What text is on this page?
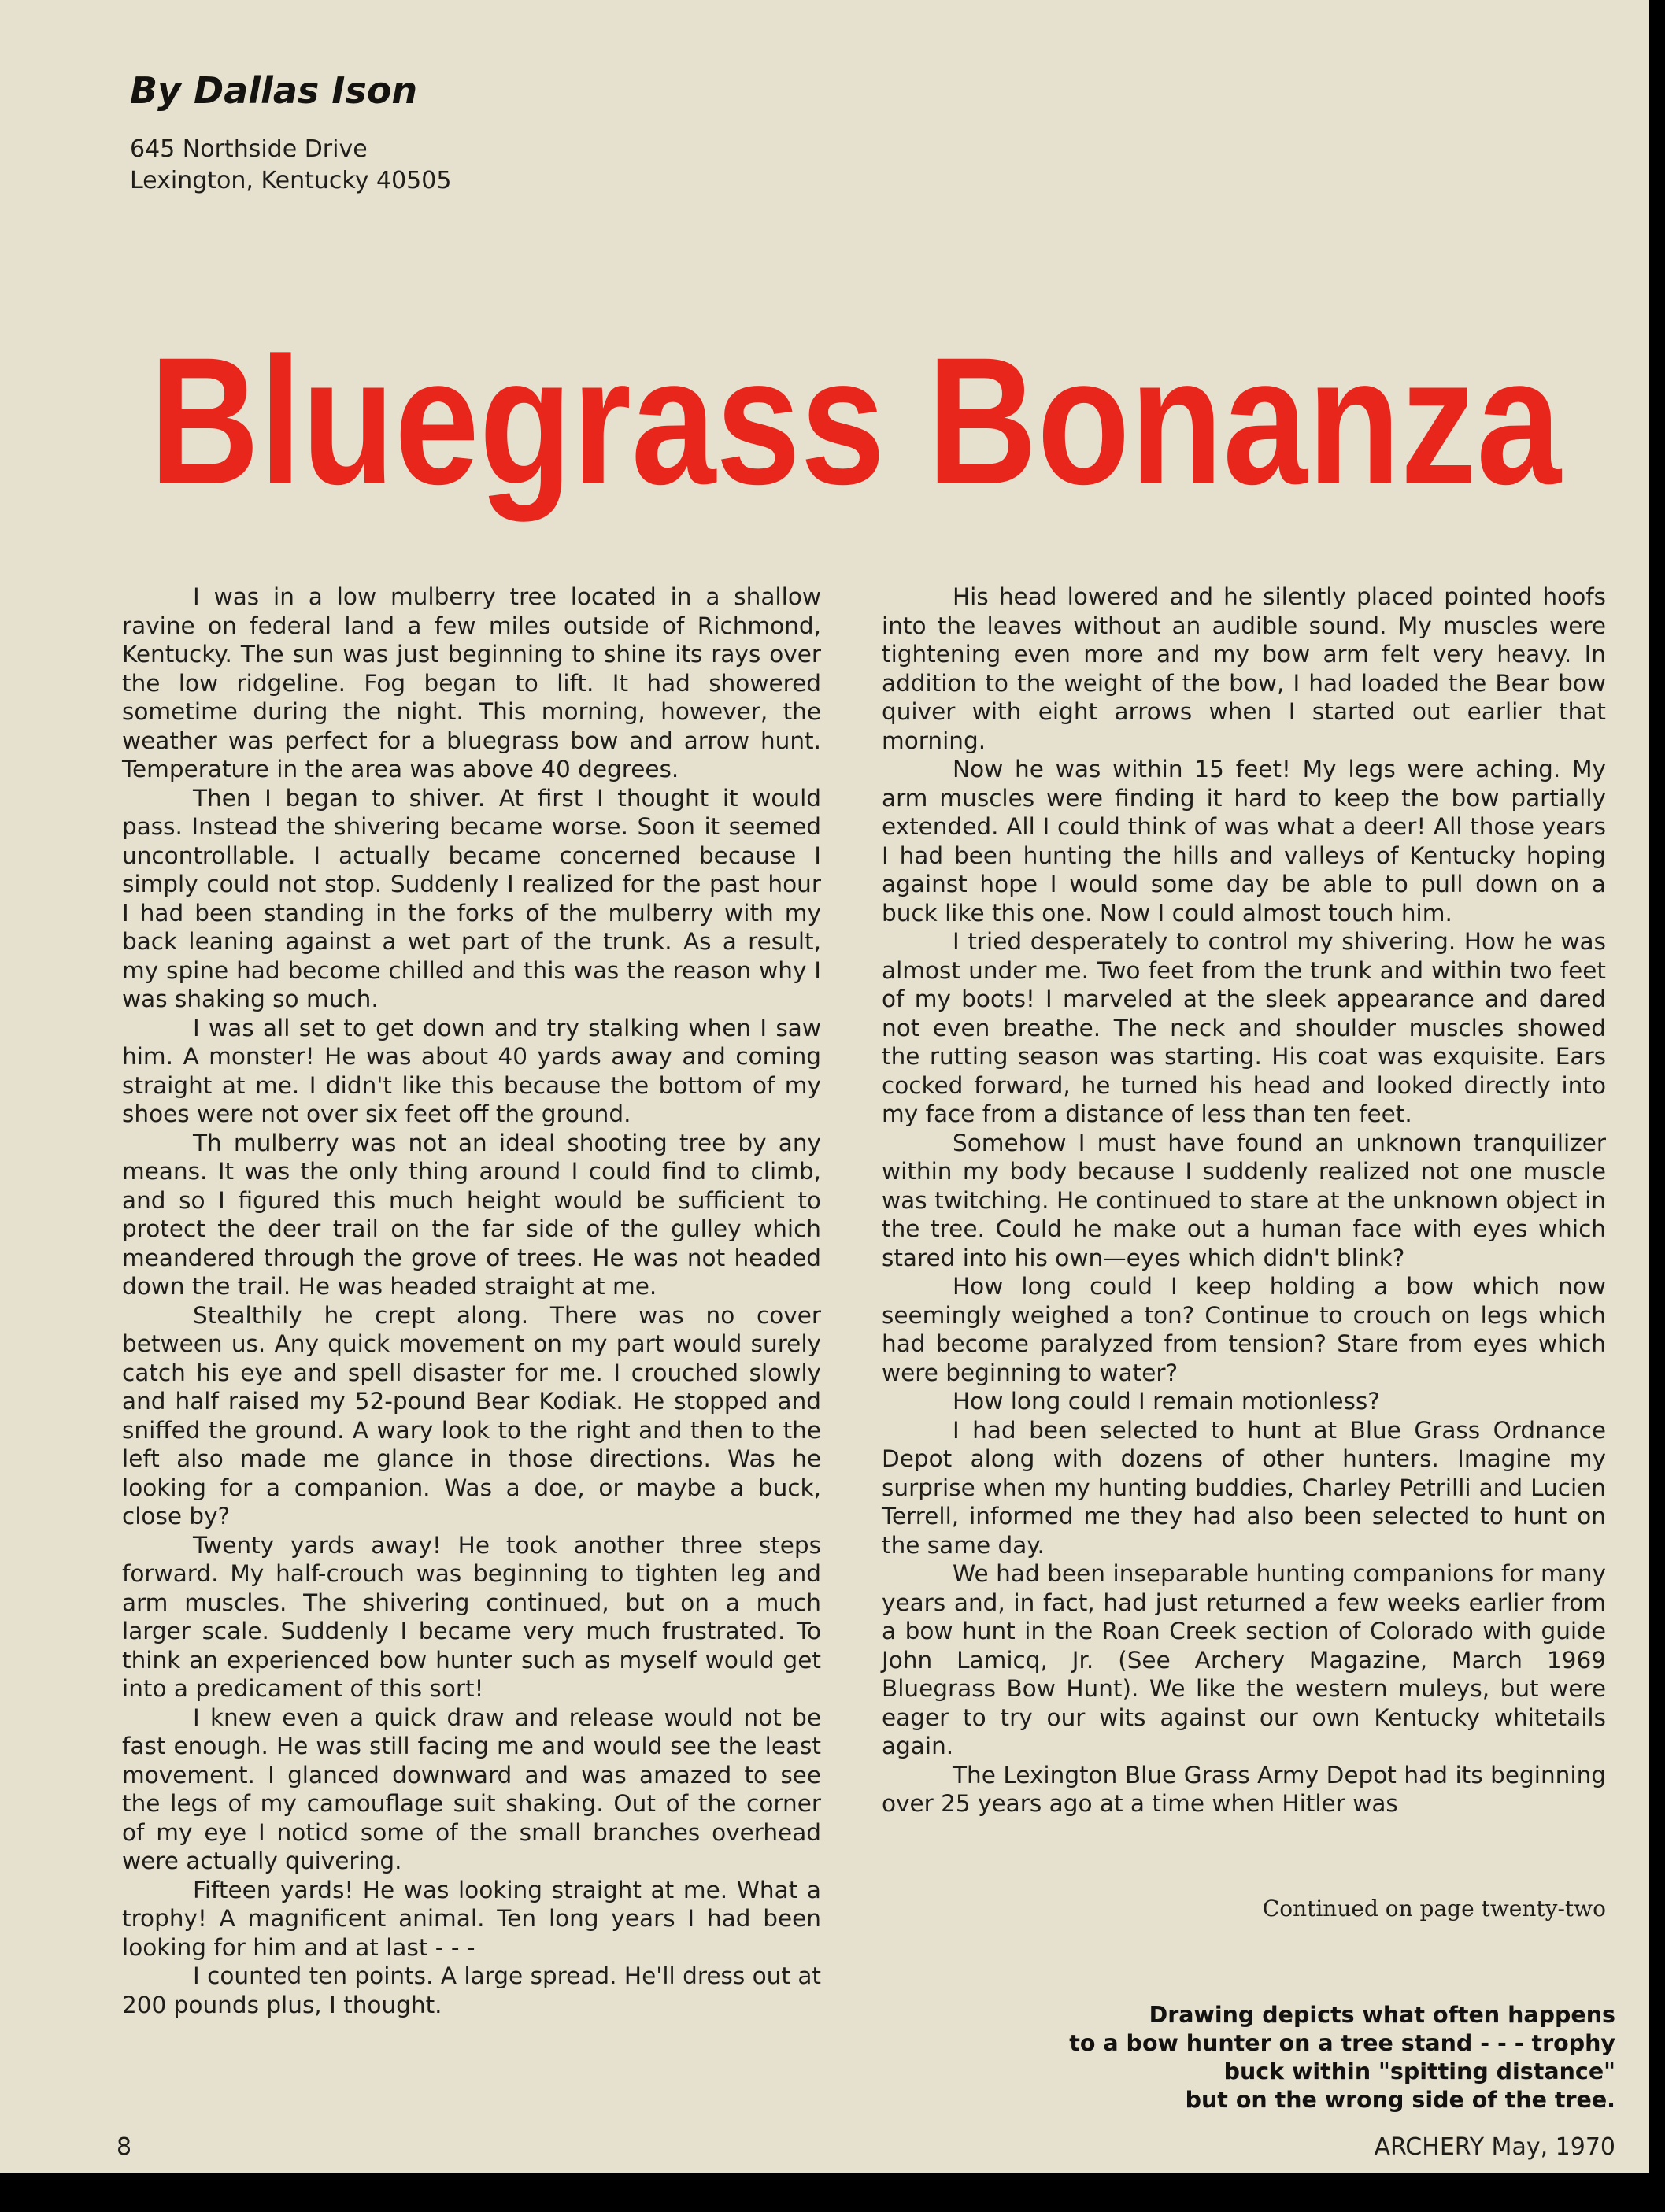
By Dallas Ison
645 Northside Drive
Lexington, Kentucky 40505
Bluegrass Bonanza

I was in a low mulberry tree located in a shallow ravine on federal land a few miles outside of Richmond, Kentucky. The sun was just beginning to shine its rays over the low ridgeline. Fog began to lift. It had showered sometime during the night. This morning, however, the weather was perfect for a bluegrass bow and arrow hunt. Temperature in the area was above 40 degrees.

Then I began to shiver. At first I thought it would pass. Instead the shivering became worse. Soon it seemed uncontrollable. I actually became concerned because I simply could not stop. Suddenly I realized for the past hour I had been standing in the forks of the mulberry with my back leaning against a wet part of the trunk. As a result, my spine had become chilled and this was the reason why I was shaking so much.

I was all set to get down and try stalking when I saw him. A monster! He was about 40 yards away and coming straight at me. I didn't like this because the bottom of my shoes were not over six feet off the ground.

Th mulberry was not an ideal shooting tree by any means. It was the only thing around I could find to climb, and so I figured this much height would be sufficient to protect the deer trail on the far side of the gulley which meandered through the grove of trees. He was not headed down the trail. He was headed straight at me.

Stealthily he crept along. There was no cover between us. Any quick movement on my part would surely catch his eye and spell disaster for me. I crouched slowly and half raised my 52-pound Bear Kodiak. He stopped and sniffed the ground. A wary look to the right and then to the left also made me glance in those directions. Was he looking for a companion. Was a doe, or maybe a buck, close by?

Twenty yards away! He took another three steps forward. My half-crouch was beginning to tighten leg and arm muscles. The shivering continued, but on a much larger scale. Suddenly I became very much frustrated. To think an experienced bow hunter such as myself would get into a predicament of this sort!

I knew even a quick draw and release would not be fast enough. He was still facing me and would see the least movement. I glanced downward and was amazed to see the legs of my camouflage suit shaking. Out of the corner of my eye I noticd some of the small branches overhead were actually quivering.

Fifteen yards! He was looking straight at me. What a trophy! A magnificent animal. Ten long years I had been looking for him and at last - - -

I counted ten points. A large spread. He'll dress out at 200 pounds plus, I thought.

His head lowered and he silently placed pointed hoofs into the leaves without an audible sound. My muscles were tightening even more and my bow arm felt very heavy. In addition to the weight of the bow, I had loaded the Bear bow quiver with eight arrows when I started out earlier that morning.

Now he was within 15 feet! My legs were aching. My arm muscles were finding it hard to keep the bow partially extended. All I could think of was what a deer! All those years I had been hunting the hills and valleys of Kentucky hoping against hope I would some day be able to pull down on a buck like this one. Now I could almost touch him.

I tried desperately to control my shivering. How he was almost under me. Two feet from the trunk and within two feet of my boots! I marveled at the sleek appearance and dared not even breathe. The neck and shoulder muscles showed the rutting season was starting. His coat was exquisite. Ears cocked forward, he turned his head and looked directly into my face from a distance of less than ten feet.

Somehow I must have found an unknown tranquilizer within my body because I suddenly realized not one muscle was twitching. He continued to stare at the unknown object in the tree. Could he make out a human face with eyes which stared into his own—eyes which didn't blink?

How long could I keep holding a bow which now seemingly weighed a ton? Continue to crouch on legs which had become paralyzed from tension? Stare from eyes which were beginning to water?

How long could I remain motionless?

I had been selected to hunt at Blue Grass Ordnance Depot along with dozens of other hunters. Imagine my surprise when my hunting buddies, Charley Petrilli and Lucien Terrell, informed me they had also been selected to hunt on the same day.

We had been inseparable hunting companions for many years and, in fact, had just returned a few weeks earlier from a bow hunt in the Roan Creek section of Colorado with guide John Lamicq, Jr. (See Archery Magazine, March 1969 Bluegrass Bow Hunt). We like the western muleys, but were eager to try our wits against our own Kentucky whitetails again.

The Lexington Blue Grass Army Depot had its beginning over 25 years ago at a time when Hitler was

Continued on page twenty-two
Drawing depicts what often happens
to a bow hunter on a tree stand - - - trophy
buck within "spitting distance"
but on the wrong side of the tree.
8	ARCHERY May, 1970
